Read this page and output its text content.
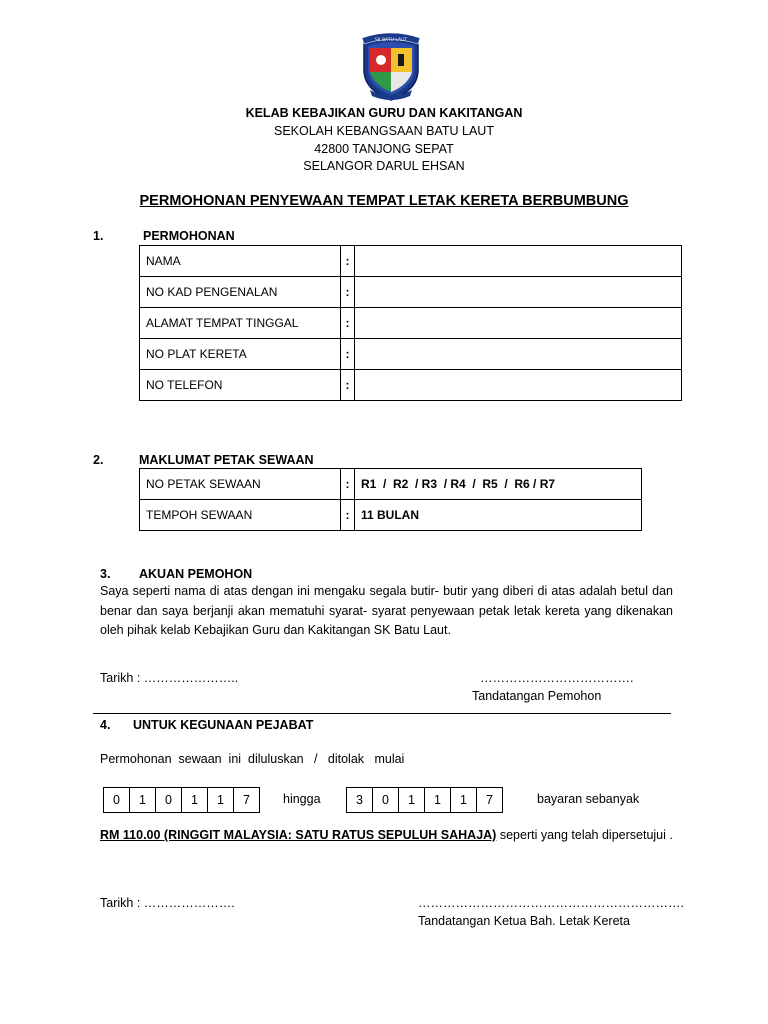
SK BATU LAUT
KELAB KEBAJIKAN GURU DAN KAKITANGAN
SEKOLAH KEBANGSAAN BATU LAUT
42800 TANJONG SEPAT
SELANGOR DARUL EHSAN
PERMOHONAN PENYEWAAN TEMPAT LETAK KERETA BERBUMBUNG
1.	PERMOHONAN
NAMA	:	
NO KAD PENGENALAN	:	
ALAMAT TEMPAT TINGGAL	:	
NO PLAT KERETA	:	
NO TELEFON	:	
2.	MAKLUMAT PETAK SEWAAN
NO PETAK SEWAAN	:	R1  /  R2  / R3  / R4  /  R5  /  R6 / R7
TEMPOH SEWAAN	:	11 BULAN
3. AKUAN PEMOHON
Saya seperti nama di atas dengan ini mengaku segala butir- butir yang diberi di atas adalah betul dan benar dan saya berjanji akan mematuhi syarat- syarat penyewaan petak letak kereta yang dikenakan oleh pihak kelab Kebajikan Guru dan Kakitangan SK Batu Laut.
Tarikh : …………………..	……………………………….
Tandatangan Pemohon
4. UNTUK KEGUNAAN PEJABAT
Permohonan  sewaan  ini  diluluskan   /   ditolak   mulai
0	1	0	1	1	7	hingga	3	0	1	1	1	7	bayaran sebanyak
RM 110.00 (RINGGIT MALAYSIA: SATU RATUS SEPULUH SAHAJA) seperti yang telah dipersetujui .
Tarikh : ………………….	……………………………………………………….
Tandatangan Ketua Bah. Letak Kereta
